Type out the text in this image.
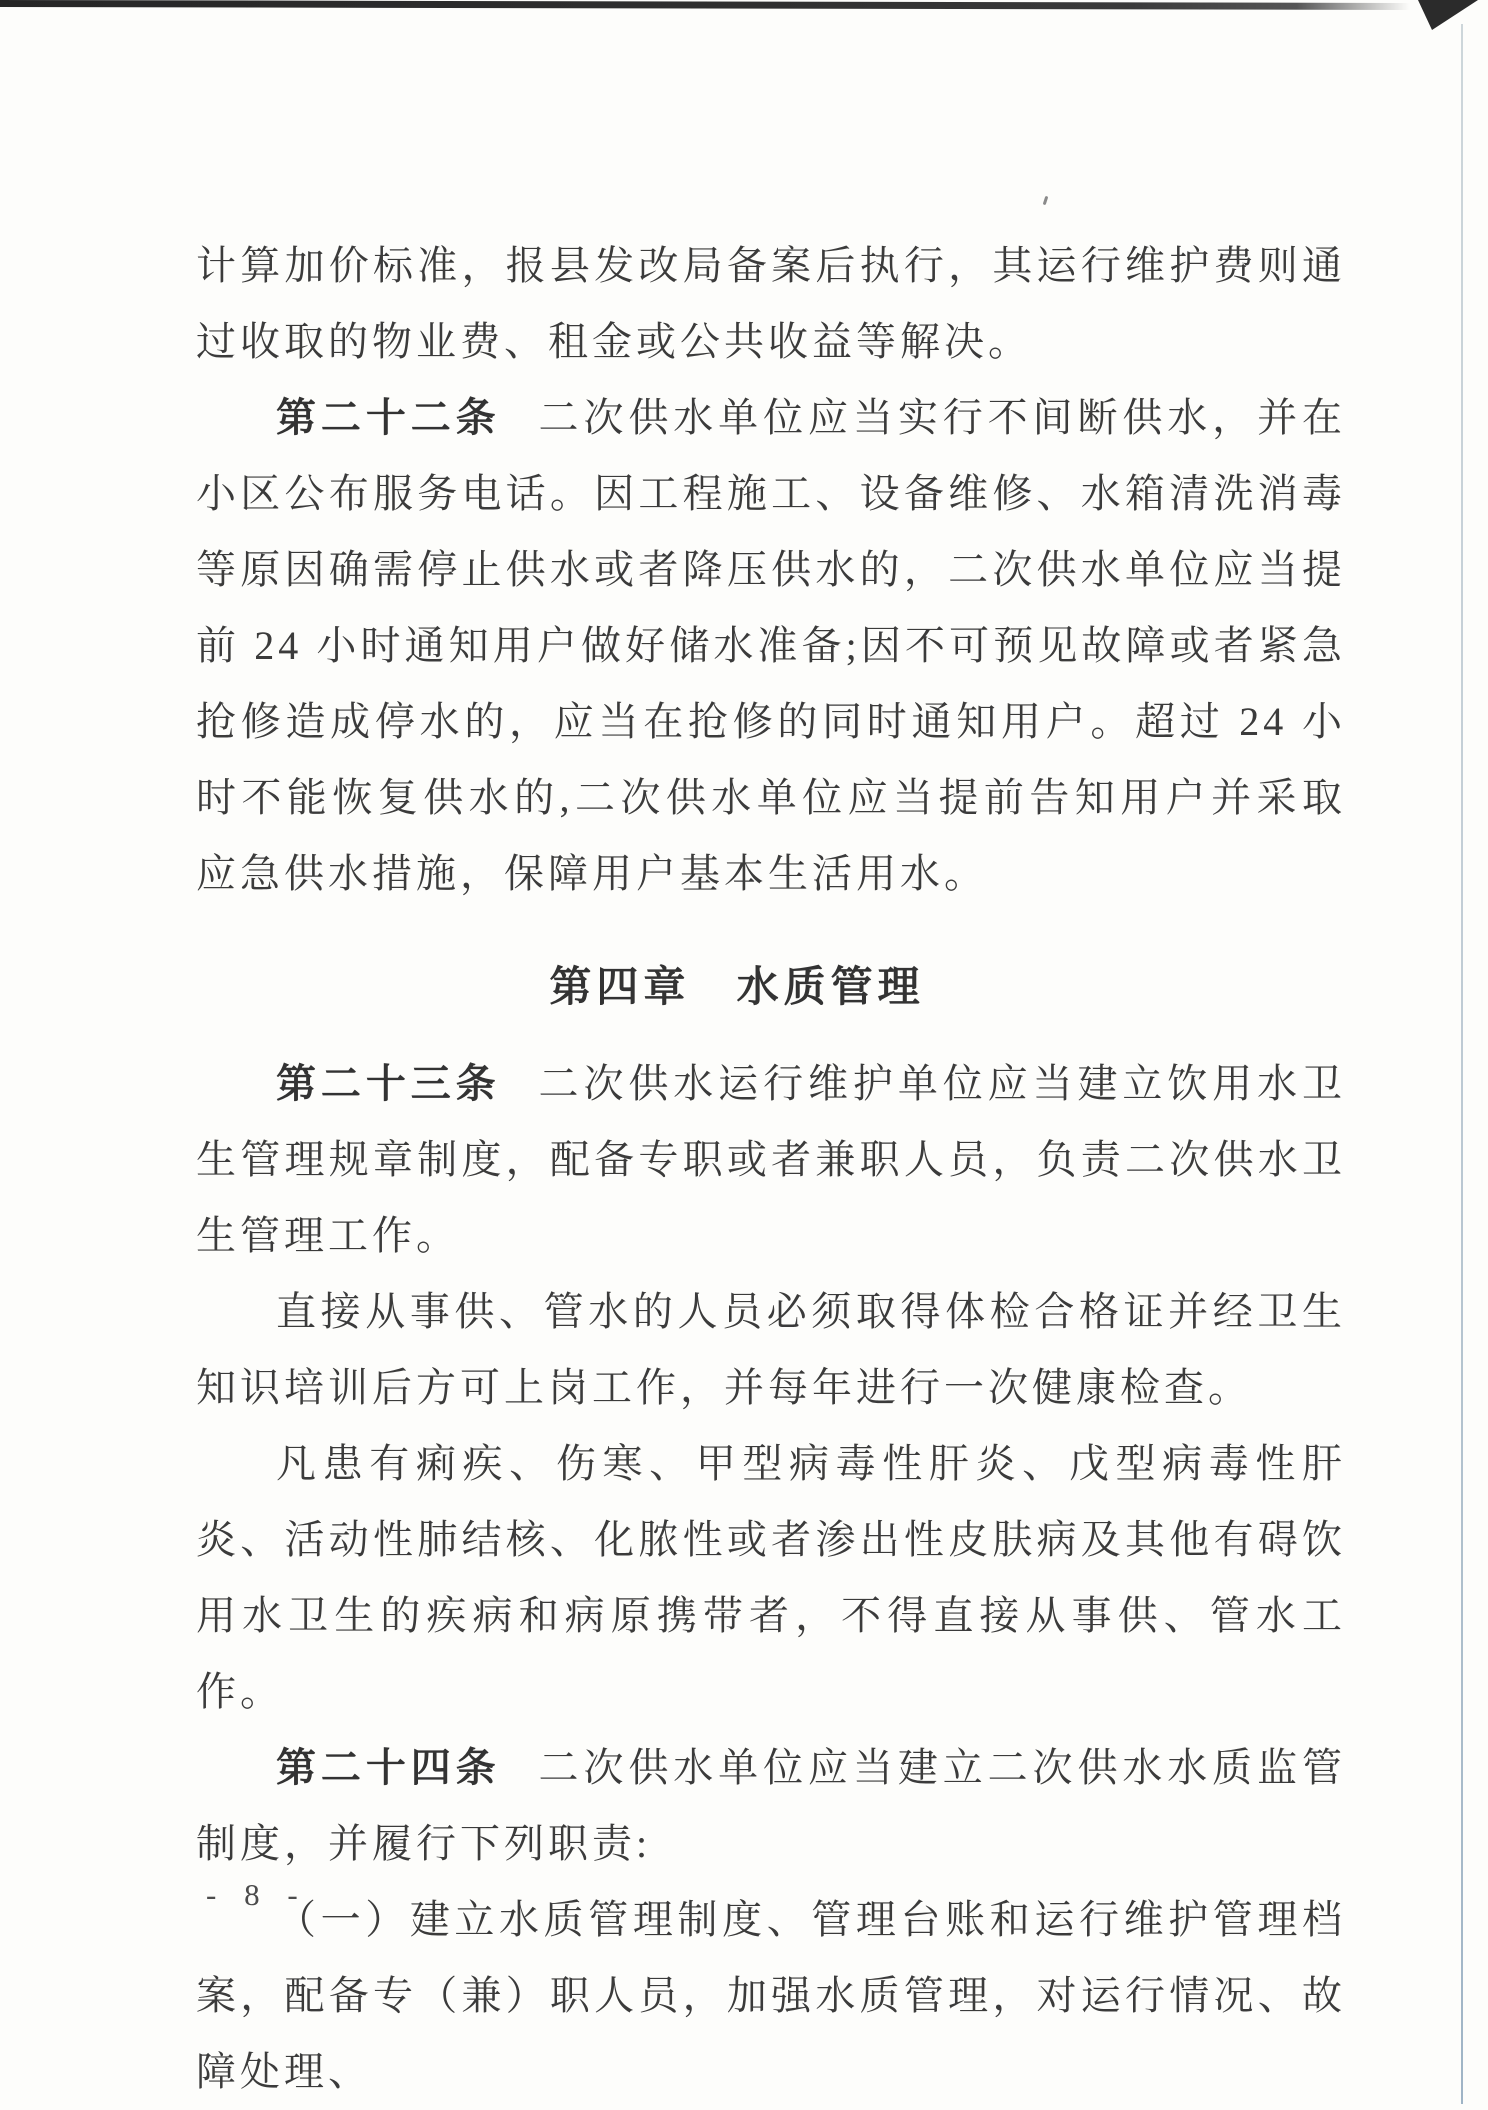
计算加价标准，报县发改局备案后执行，其运行维护费则通过收取的物业费、租金或公共收益等解决。

第二十二条 二次供水单位应当实行不间断供水，并在小区公布服务电话。因工程施工、设备维修、水箱清洗消毒等原因确需停止供水或者降压供水的，二次供水单位应当提前 24 小时通知用户做好储水准备;因不可预见故障或者紧急抢修造成停水的，应当在抢修的同时通知用户。超过 24 小时不能恢复供水的,二次供水单位应当提前告知用户并采取应急供水措施，保障用户基本生活用水。

第四章 水质管理

第二十三条 二次供水运行维护单位应当建立饮用水卫生管理规章制度，配备专职或者兼职人员，负责二次供水卫生管理工作。

直接从事供、管水的人员必须取得体检合格证并经卫生知识培训后方可上岗工作，并每年进行一次健康检查。

凡患有痢疾、伤寒、甲型病毒性肝炎、戊型病毒性肝炎、活动性肺结核、化脓性或者渗出性皮肤病及其他有碍饮用水卫生的疾病和病原携带者，不得直接从事供、管水工作。

第二十四条 二次供水单位应当建立二次供水水质监管制度，并履行下列职责:

（一）建立水质管理制度、管理台账和运行维护管理档案，配备专（兼）职人员，加强水质管理，对运行情况、故障处理、

- 8 -
